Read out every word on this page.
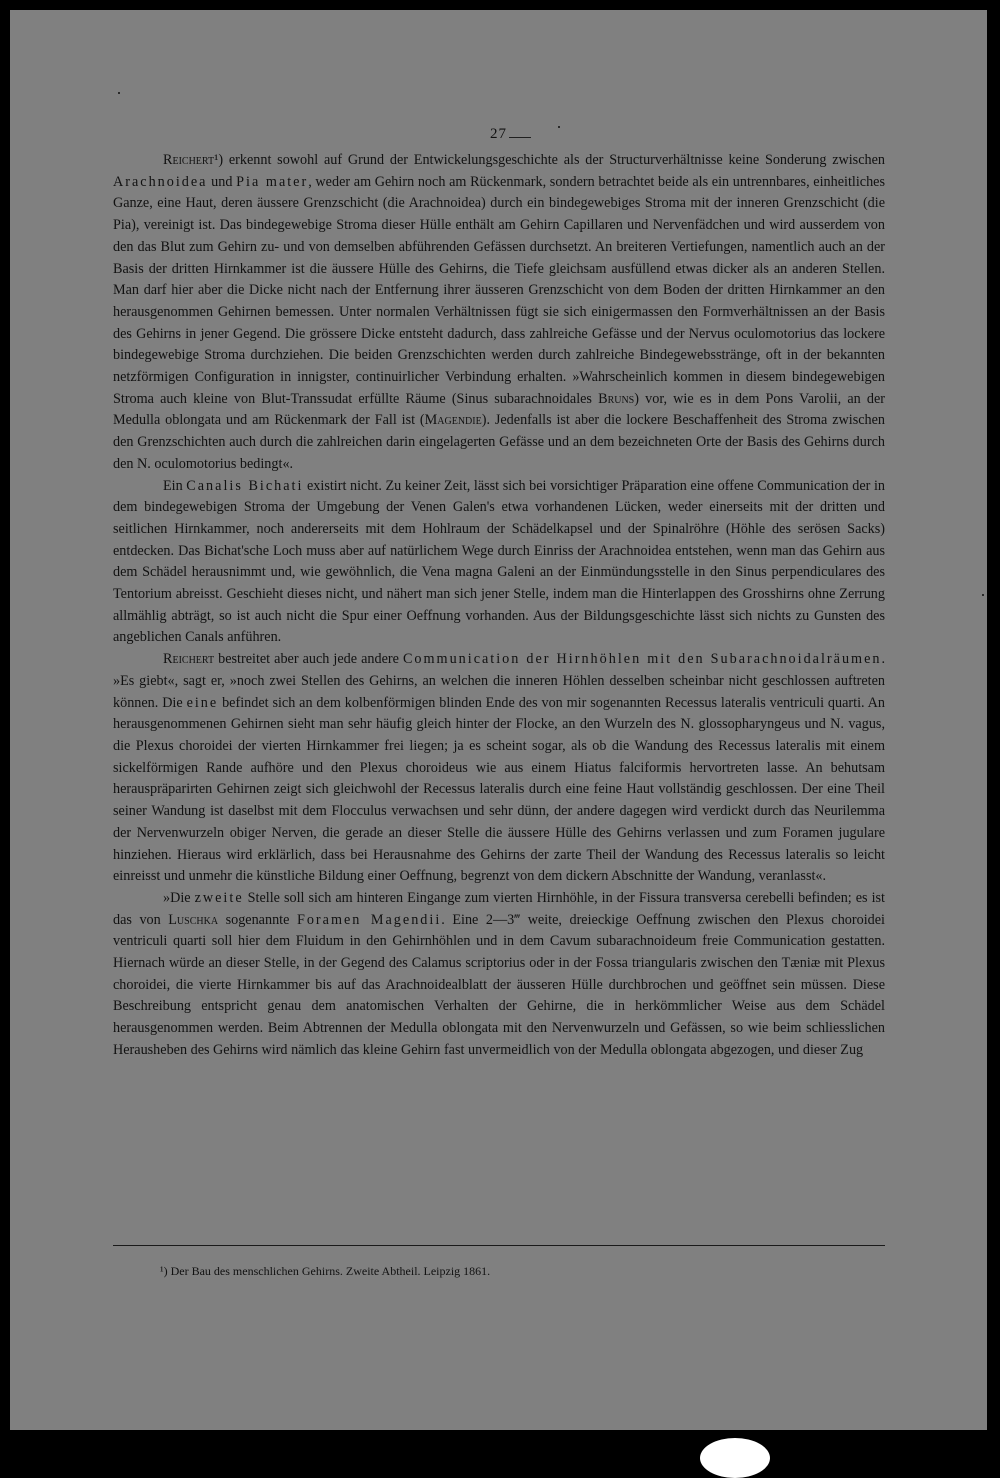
27

Reichert¹) erkennt sowohl auf Grund der Entwickelungsgeschichte als der Structurverhältnisse keine Sonderung zwischen Arachnoidea und Pia mater, weder am Gehirn noch am Rückenmark, sondern betrachtet beide als ein untrennbares, einheitliches Ganze, eine Haut, deren äussere Grenzschicht (die Arachnoidea) durch ein bindegewebiges Stroma mit der inneren Grenzschicht (die Pia), vereinigt ist. Das bindegewebige Stroma dieser Hülle enthält am Gehirn Capillaren und Nervenfädchen und wird ausserdem von den das Blut zum Gehirn zu- und von demselben abführenden Gefässen durchsetzt. An breiteren Vertiefungen, namentlich auch an der Basis der dritten Hirnkammer ist die äussere Hülle des Gehirns, die Tiefe gleichsam ausfüllend etwas dicker als an anderen Stellen. Man darf hier aber die Dicke nicht nach der Entfernung ihrer äusseren Grenzschicht von dem Boden der dritten Hirnkammer an den herausgenommen Gehirnen bemessen. Unter normalen Verhältnissen fügt sie sich einigermassen den Formverhältnissen an der Basis des Gehirns in jener Gegend. Die grössere Dicke entsteht dadurch, dass zahlreiche Gefässe und der Nervus oculomotorius das lockere bindegewebige Stroma durchziehen. Die beiden Grenzschichten werden durch zahlreiche Bindegewebsstränge, oft in der bekannten netzförmigen Configuration in innigster, continuirlicher Verbindung erhalten. »Wahrscheinlich kommen in diesem bindegewebigen Stroma auch kleine von Blut-Transsudat erfüllte Räume (Sinus subarachnoidales Bruns) vor, wie es in dem Pons Varolii, an der Medulla oblongata und am Rückenmark der Fall ist (Magendie). Jedenfalls ist aber die lockere Beschaffenheit des Stroma zwischen den Grenzschichten auch durch die zahlreichen darin eingelagerten Gefässe und an dem bezeichneten Orte der Basis des Gehirns durch den N. oculomotorius bedingt«.

Ein Canalis Bichati existirt nicht. Zu keiner Zeit, lässt sich bei vorsichtiger Präparation eine offene Communication der in dem bindegewebigen Stroma der Umgebung der Venen Galen's etwa vorhandenen Lücken, weder einerseits mit der dritten und seitlichen Hirnkammer, noch andererseits mit dem Hohlraum der Schädelkapsel und der Spinalröhre (Höhle des serösen Sacks) entdecken. Das Bichat'sche Loch muss aber auf natürlichem Wege durch Einriss der Arachnoidea entstehen, wenn man das Gehirn aus dem Schädel herausnimmt und, wie gewöhnlich, die Vena magna Galeni an der Einmündungsstelle in den Sinus perpendiculares des Tentorium abreisst. Geschieht dieses nicht, und nähert man sich jener Stelle, indem man die Hinterlappen des Grosshirns ohne Zerrung allmählig abträgt, so ist auch nicht die Spur einer Oeffnung vorhanden. Aus der Bildungsgeschichte lässt sich nichts zu Gunsten des angeblichen Canals anführen.

Reichert bestreitet aber auch jede andere Communication der Hirnhöhlen mit den Subarachnoidalräumen. »Es giebt«, sagt er, »noch zwei Stellen des Gehirns, an welchen die inneren Höhlen desselben scheinbar nicht geschlossen auftreten können. Die eine befindet sich an dem kolbenförmigen blinden Ende des von mir sogenannten Recessus lateralis ventriculi quarti. An herausgenommenen Gehirnen sieht man sehr häufig gleich hinter der Flocke, an den Wurzeln des N. glossopharyngeus und N. vagus, die Plexus choroidei der vierten Hirnkammer frei liegen; ja es scheint sogar, als ob die Wandung des Recessus lateralis mit einem sickelförmigen Rande aufhöre und den Plexus choroideus wie aus einem Hiatus falciformis hervortreten lasse. An behutsam herauspräparirten Gehirnen zeigt sich gleichwohl der Recessus lateralis durch eine feine Haut vollständig geschlossen. Der eine Theil seiner Wandung ist daselbst mit dem Flocculus verwachsen und sehr dünn, der andere dagegen wird verdickt durch das Neurilemma der Nervenwurzeln obiger Nerven, die gerade an dieser Stelle die äussere Hülle des Gehirns verlassen und zum Foramen jugulare hinziehen. Hieraus wird erklärlich, dass bei Herausnahme des Gehirns der zarte Theil der Wandung des Recessus lateralis so leicht einreisst und unmehr die künstliche Bildung einer Oeffnung, begrenzt von dem dickern Abschnitte der Wandung, veranlasst«.

»Die zweite Stelle soll sich am hinteren Eingange zum vierten Hirnhöhle, in der Fissura transversa cerebelli befinden; es ist das von Luschka sogenannte Foramen Magendii. Eine 2—3‴ weite, dreieckige Oeffnung zwischen den Plexus choroidei ventriculi quarti soll hier dem Fluidum in den Gehirnhöhlen und in dem Cavum subarachnoideum freie Communication gestatten. Hiernach würde an dieser Stelle, in der Gegend des Calamus scriptorius oder in der Fossa triangularis zwischen den Tæniæ mit Plexus choroidei, die vierte Hirnkammer bis auf das Arachnoidealblatt der äusseren Hülle durchbrochen und geöffnet sein müssen. Diese Beschreibung entspricht genau dem anatomischen Verhalten der Gehirne, die in herkömmlicher Weise aus dem Schädel herausgenommen werden. Beim Abtrennen der Medulla oblongata mit den Nervenwurzeln und Gefässen, so wie beim schliesslichen Herausheben des Gehirns wird nämlich das kleine Gehirn fast unvermeidlich von der Medulla oblongata abgezogen, und dieser Zug

¹) Der Bau des menschlichen Gehirns. Zweite Abtheil. Leipzig 1861.
